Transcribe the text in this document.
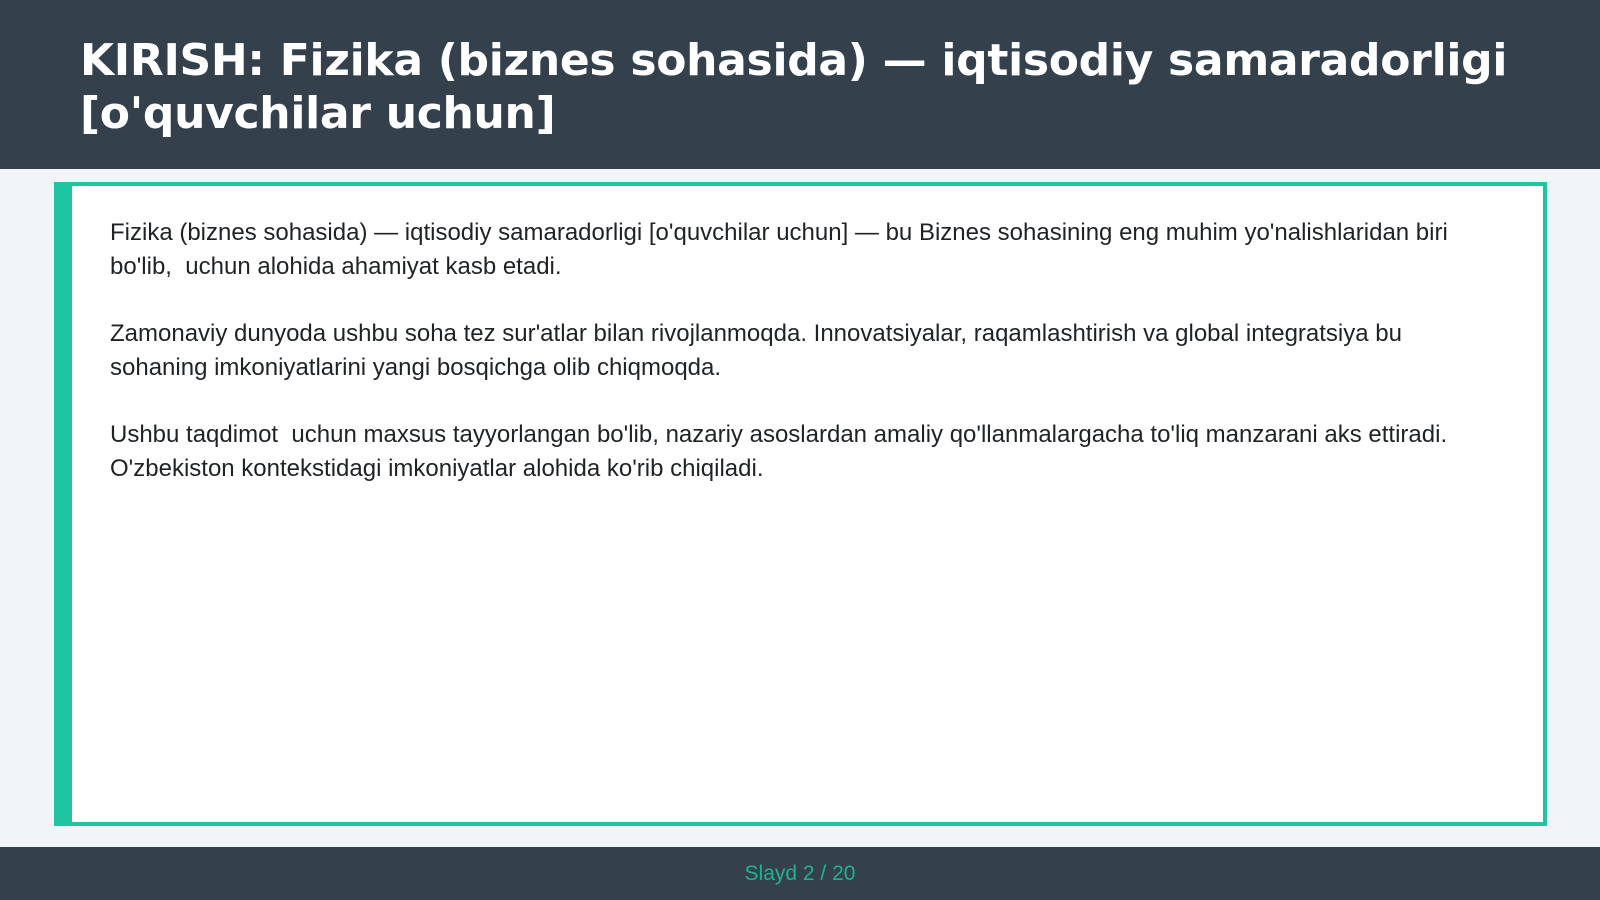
KIRISH: Fizika (biznes sohasida) — iqtisodiy samaradorligi [o'quvchilar uchun]

Fizika (biznes sohasida) — iqtisodiy samaradorligi [o'quvchilar uchun] — bu Biznes sohasining eng muhim yo'nalishlaridan biri bo'lib,  uchun alohida ahamiyat kasb etadi.

Zamonaviy dunyoda ushbu soha tez sur'atlar bilan rivojlanmoqda. Innovatsiyalar, raqamlashtirish va global integratsiya bu sohaning imkoniyatlarini yangi bosqichga olib chiqmoqda.

Ushbu taqdimot  uchun maxsus tayyorlangan bo'lib, nazariy asoslardan amaliy qo'llanmalargacha to'liq manzarani aks ettiradi. O'zbekiston kontekstidagi imkoniyatlar alohida ko'rib chiqiladi.

Slayd 2 / 20
